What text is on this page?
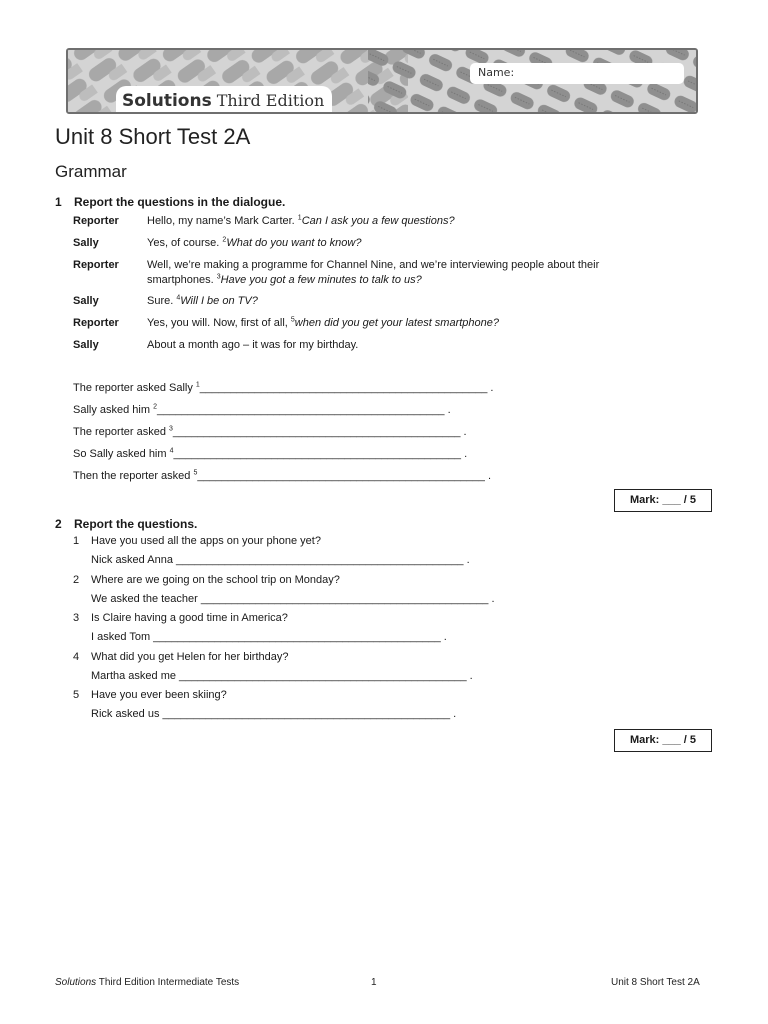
Name:
Solutions Third Edition
Unit 8 Short Test 2A
Grammar
1 Report the questions in the dialogue.
Reporter	Hello, my name’s Mark Carter. $^1$Can I ask you a few questions?
Sally	Yes, of course. $^2$What do you want to know?
Reporter	Well, we’re making a programme for Channel Nine, and we’re interviewing people about their smartphones. $^3$Have you got a few minutes to talk to us?
Sally	Sure. $^4$Will I be on TV?
Reporter	Yes, you will. Now, first of all, $^5$when did you get your latest smartphone?
Sally	About a month ago – it was for my birthday.
The reporter asked Sally $^1$_______________________________________________ .
Sally asked him $^2$_______________________________________________ .
The reporter asked $^3$_______________________________________________ .
So Sally asked him $^4$_______________________________________________ .
Then the reporter asked $^5$_______________________________________________ .
Mark: ___ / 5
2 Report the questions.
1 Have you used all the apps on your phone yet?
Nick asked Anna _______________________________________________ .
2 Where are we going on the school trip on Monday?
We asked the teacher _______________________________________________ .
3 Is Claire having a good time in America?
I asked Tom _______________________________________________ .
4 What did you get Helen for her birthday?
Martha asked me _______________________________________________ .
5 Have you ever been skiing?
Rick asked us _______________________________________________ .
Mark: ___ / 5
Solutions Third Edition Intermediate Tests	1	Unit 8 Short Test 2A
